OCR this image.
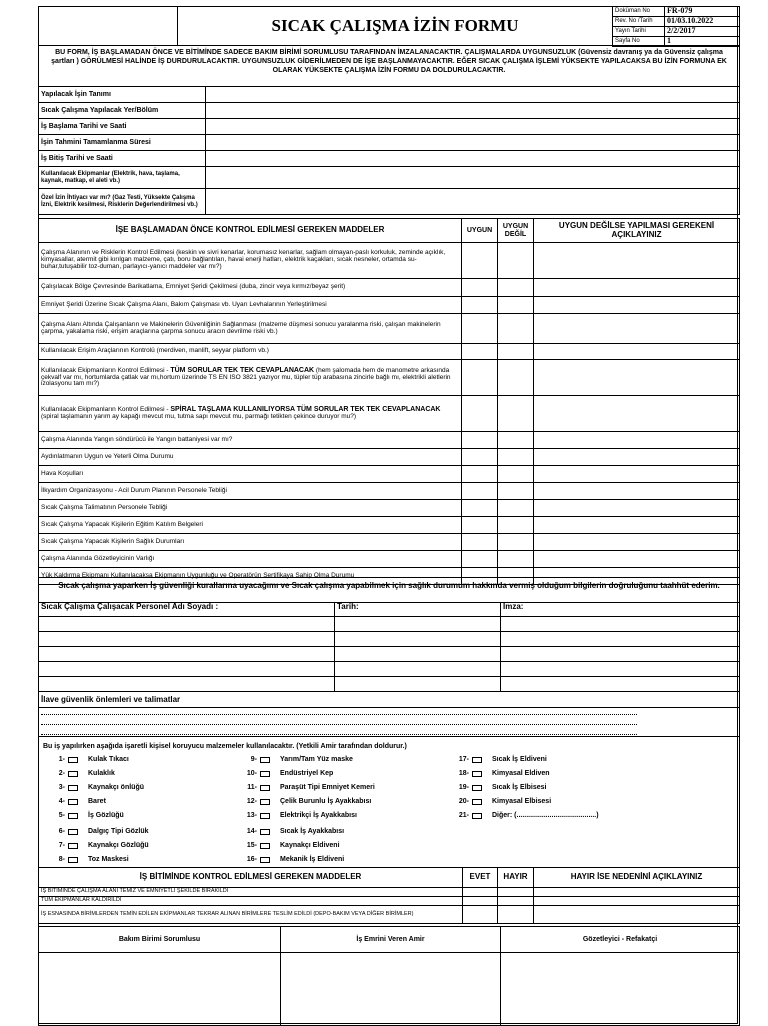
SICAK ÇALIŞMA İZİN FORMU
Doküman No	FR-079
Rev. No /Tarih	01/03.10.2022
Yayın Tarihi	2/2/2017
Sayfa No	1
BU FORM, İŞ BAŞLAMADAN ÖNCE VE BİTİMİNDE SADECE BAKIM BİRİMİ SORUMLUSU TARAFINDAN İMZALANACAKTIR. ÇALIŞMALARDA UYGUNSUZLUK (Güvensiz davranış ya da Güvensiz çalışma şartları ) GÖRÜLMESİ HALİNDE İŞ DURDURULACAKTIR. UYGUNSUZLUK GİDERİLMEDEN DE İŞE BAŞLANMAYACAKTIR. EĞER SICAK ÇALIŞMA İŞLEMİ YÜKSEKTE YAPILACAKSA BU İZİN FORMUNA EK OLARAK YÜKSEKTE ÇALIŞMA İZİN FORMU DA DOLDURULACAKTIR.
Yapılacak İşin Tanımı	
Sıcak Çalışma Yapılacak Yer/Bölüm	
İş Başlama Tarihi ve Saati	
İşin Tahmini Tamamlanma Süresi	
İş Bitiş Tarihi ve Saati	
Kullanılacak Ekipmanlar (Elektrik, hava, taşlama, kaynak, matkap, el aleti vb.)	
Özel İzin İhtiyacı var mı? (Gaz Testi, Yüksekte Çalışma İzni, Elektrik kesilmesi, Risklerin Değerlendirilmesi vb.)	
İŞE BAŞLAMADAN ÖNCE KONTROL EDİLMESİ GEREKEN MADDELER	UYGUN	UYGUN DEĞİL	UYGUN DEĞİLSE YAPILMASI GEREKENİ AÇIKLAYINIZ
Çalışma Alanının ve Risklerin Kontrol Edilmesi (keskin ve sivri kenarlar, korumasız kenarlar, sağlam olmayan-paslı korkuluk, zeminde açıklık, kimyasallar, atermit gibi kırılgan malzeme, çatı, boru bağlantıları, havai enerji hatları, elektrik kaçakları, sıcak nesneler, ortamda su-buhar,tutuşabilir toz-duman, parlayıcı-yanıcı maddeler var mı?)			
Çalışılacak Bölge Çevresinde Barikatlama, Emniyet Şeridi Çekilmesi (duba, zincir veya kırmız/beyaz şerit)			
Emniyet Şeridi Üzerine Sıcak Çalışma Alanı, Bakım Çalışması vb. Uyarı Levhalarının Yerleştirilmesi			
Çalışma Alanı Altında Çalışanların ve Makinelerin Güvenliğinin Sağlanması (malzeme düşmesi sonucu yaralanma riski, çalışan makinelerin çarpma, yakalama riski, erişim araçlarına çarpma sonucu aracın devrilme riski vb.)			
Kullanılacak Erişim Araçlarının Kontrolü (merdiven, manlift, seyyar platform vb.)			
Kullanılacak Ekipmanların Kontrol Edilmesi - TÜM SORULAR TEK TEK CEVAPLANACAK (hem şalomada hem de manometre arkasında çekvalf var mı, hortumlarda çatlak var mı,hortum üzerinde TS EN ISO 3821 yazıyor mu, tüpler tüp arabasına zincirle bağlı mı, elektrikli aletlerin izolasyonu tam mı?)			
Kullanılacak Ekipmanların Kontrol Edilmesi - SPİRAL TAŞLAMA KULLANILIYORSA TÜM SORULAR TEK TEK CEVAPLANACAK (spiral taşlamanın yarım ay kapağı mevcut mu, tutma sapı mevcut mu, parmağı tetikten çekince duruyor mu?)			
Çalışma Alanında Yangın söndürücü ile Yangın battaniyesi var mı?			
Aydınlatmanın Uygun ve Yeterli Olma Durumu			
Hava Koşulları			
İlkyardım Organizasyonu - Acil Durum Planının Personele Tebliği			
Sıcak Çalışma Talimatının Personele Tebliği			
Sıcak Çalışma Yapacak Kişilerin Eğitim Katılım Belgeleri			
Sıcak Çalışma Yapacak Kişilerin Sağlık Durumları			
Çalışma Alanında Gözetleyicinin Varlığı			
Yük Kaldırma Ekipmanı Kullanılacaksa Ekipmanın Uygunluğu ve Operatörün Sertifikaya Sahip Olma Durumu			
Sıcak çalışma yaparken İş güvenliği kurallarına uyacağımı ve Sıcak çalışma yapabilmek için sağlık durumum hakkında vermiş olduğum bilgilerin doğruluğunu taahhüt ederim.
Sıcak Çalışma Çalışacak Personel Adı Soyadı :	Tarih:	İmza:

İlave güvenlik önlemleri ve talimatlar
Bu iş yapılırken aşağıda işaretli kişisel koruyucu malzemeler kullanılacaktır. (Yetkili Amir tarafından doldurur.)
1-	Kulak Tıkacı
2-	Kulaklık
3-	Kaynakçı önlüğü
4-	Baret
5-	İş Gözlüğü
6-	Dalgıç Tipi Gözlük
7-	Kaynakçı Gözlüğü
8-	Toz Maskesi
9-	Yarım/Tam Yüz maske
10-	Endüstriyel Kep
11-	Paraşüt Tipi Emniyet Kemeri
12-	Çelik Burunlu İş Ayakkabısı
13-	Elektrikçi İş Ayakkabısı
14-	Sıcak İş Ayakkabısı
15-	Kaynakçı Eldiveni
16-	Mekanik İş Eldiveni
17-	Sıcak İş Eldiveni
18-	Kimyasal Eldiven
19-	Sıcak İş Elbisesi
20-	Kimyasal Elbisesi
21-	Diğer: (.........................................)
İŞ BİTİMİNDE KONTROL EDİLMESİ GEREKEN MADDELER	EVET	HAYIR	HAYIR İSE NEDENİNİ AÇIKLAYINIZ
İŞ BİTİMİNDE ÇALIŞMA ALANI TEMİZ VE EMNİYETLİ ŞEKİLDE BIRAKILDI			
TÜM EKİPMANLAR KALDIRILDI			
İŞ ESNASINDA BİRİMLERDEN TEMİN EDİLEN EKİPMANLAR TEKRAR ALINAN BİRİMLERE TESLİM EDİLDİ (DEPO-BAKIM VEYA DİĞER BİRİMLER)			
Bakım Birimi Sorumlusu	İş Emrini Veren Amir	Gözetleyici - Refakatçi
